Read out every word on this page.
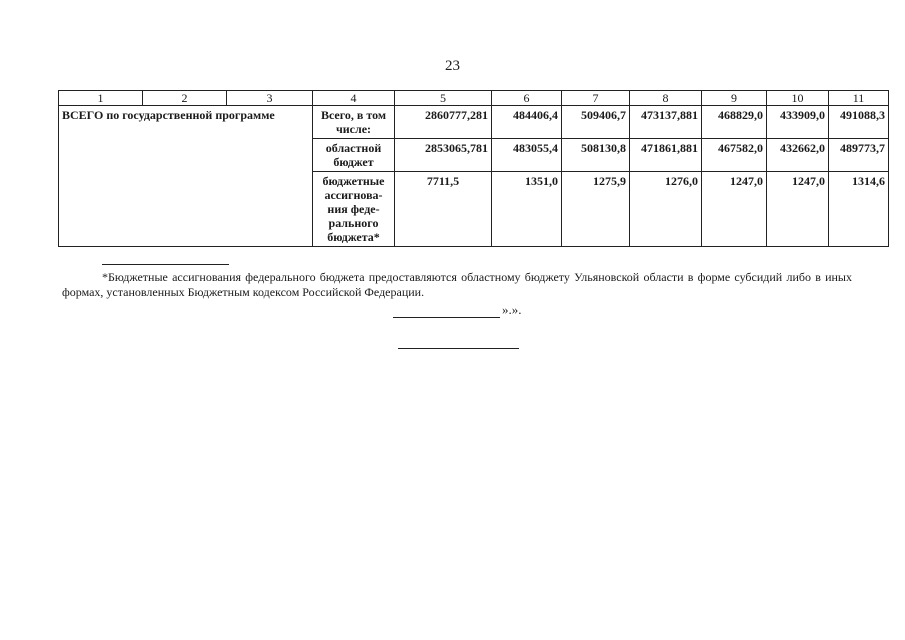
23
1	2	3	4	5	6	7	8	9	10	11
ВСЕГО по государственной программе			Всего, в том числе:	2860777,281	484406,4	509406,7	473137,881	468829,0	433909,0	491088,3
			областной бюджет	2853065,781	483055,4	508130,8	471861,881	467582,0	432662,0	489773,7
			бюджетные ассигнова-ния феде-рального бюджета*	7711,5	1351,0	1275,9	1276,0	1247,0	1247,0	1314,6
*Бюджетные ассигнования федерального бюджета предоставляются областному бюджету Ульяновской области в форме субсидий либо в иных формах, установленных Бюджетным кодексом Российской Федерации.
».».
